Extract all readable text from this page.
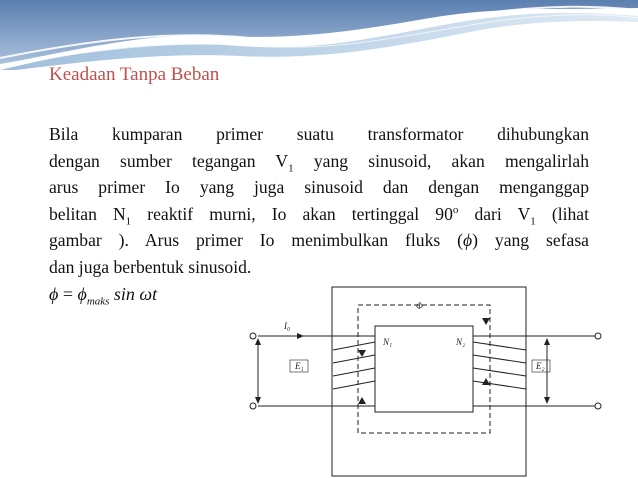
Keadaan Tanpa Beban
Bila kumparan primer suatu transformator dihubungkan
dengan sumber tegangan $V_1$ yang sinusoid, akan mengalirlah
arus primer Io yang juga sinusoid dan dengan menganggap
belitan $N_1$ reaktif murni, Io akan tertinggal 90$^o$ dari $V_1$ (lihat
gambar ). Arus primer Io menimbulkan fluks (ϕ) yang sefasa
dan juga berbentuk sinusoid.
$\phi = \phi_{maks}$ sin ωt
Φ
I₀
N₁	N₂
E₁	E₂
